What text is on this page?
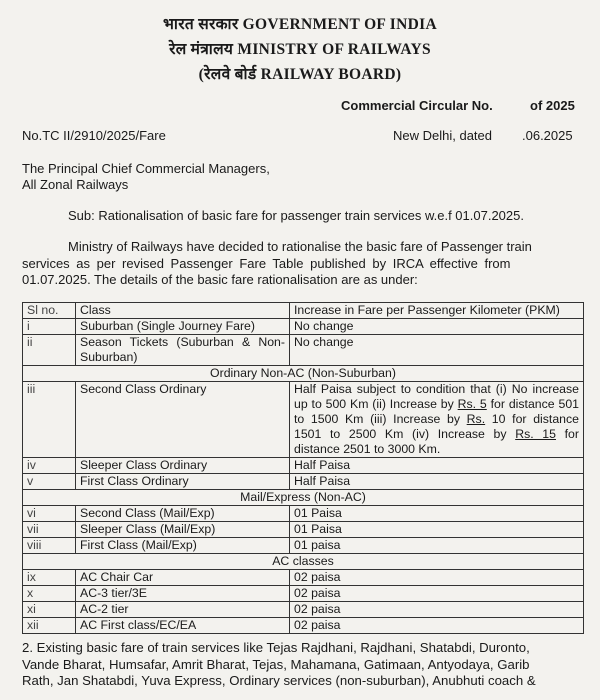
भारत सरकार GOVERNMENT OF INDIA
रेल मंत्रालय MINISTRY OF RAILWAYS
(रेलवे बोर्ड RAILWAY BOARD)
Commercial Circular No.	of 2025
No.TC II/2910/2025/Fare	New Delhi, dated .06.2025
The Principal Chief Commercial Managers,
All Zonal Railways
Sub: Rationalisation of basic fare for passenger train services w.e.f 01.07.2025.
Ministry of Railways have decided to rationalise the basic fare of Passenger train
services as per revised Passenger Fare Table published by IRCA effective from
01.07.2025. The details of the basic fare rationalisation are as under:
Sl no.	Class	Increase in Fare per Passenger Kilometer (PKM)
i	Suburban (Single Journey Fare)	No change
ii	Season Tickets (Suburban & Non-Suburban)	No change
Ordinary Non-AC (Non-Suburban)		
iii	Second Class Ordinary	Half Paisa subject to condition that (i) No increase up to 500 Km (ii) Increase by Rs. 5 for distance 501 to 1500 Km (iii) Increase by Rs. 10 for distance 1501 to 2500 Km (iv) Increase by Rs. 15 for distance 2501 to 3000 Km.
iv	Sleeper Class Ordinary	Half Paisa
v	First Class Ordinary	Half Paisa
Mail/Express (Non-AC)		
vi	Second Class (Mail/Exp)	01 Paisa
vii	Sleeper Class (Mail/Exp)	01 Paisa
viii	First Class (Mail/Exp)	01 paisa
AC classes		
ix	AC Chair Car	02 paisa
x	AC-3 tier/3E	02 paisa
xi	AC-2 tier	02 paisa
xii	AC First class/EC/EA	02 paisa
2. Existing basic fare of train services like Tejas Rajdhani, Rajdhani, Shatabdi, Duronto,
Vande Bharat, Humsafar, Amrit Bharat, Tejas, Mahamana, Gatimaan, Antyodaya, Garib
Rath, Jan Shatabdi, Yuva Express, Ordinary services (non-suburban), Anubhuti coach &
